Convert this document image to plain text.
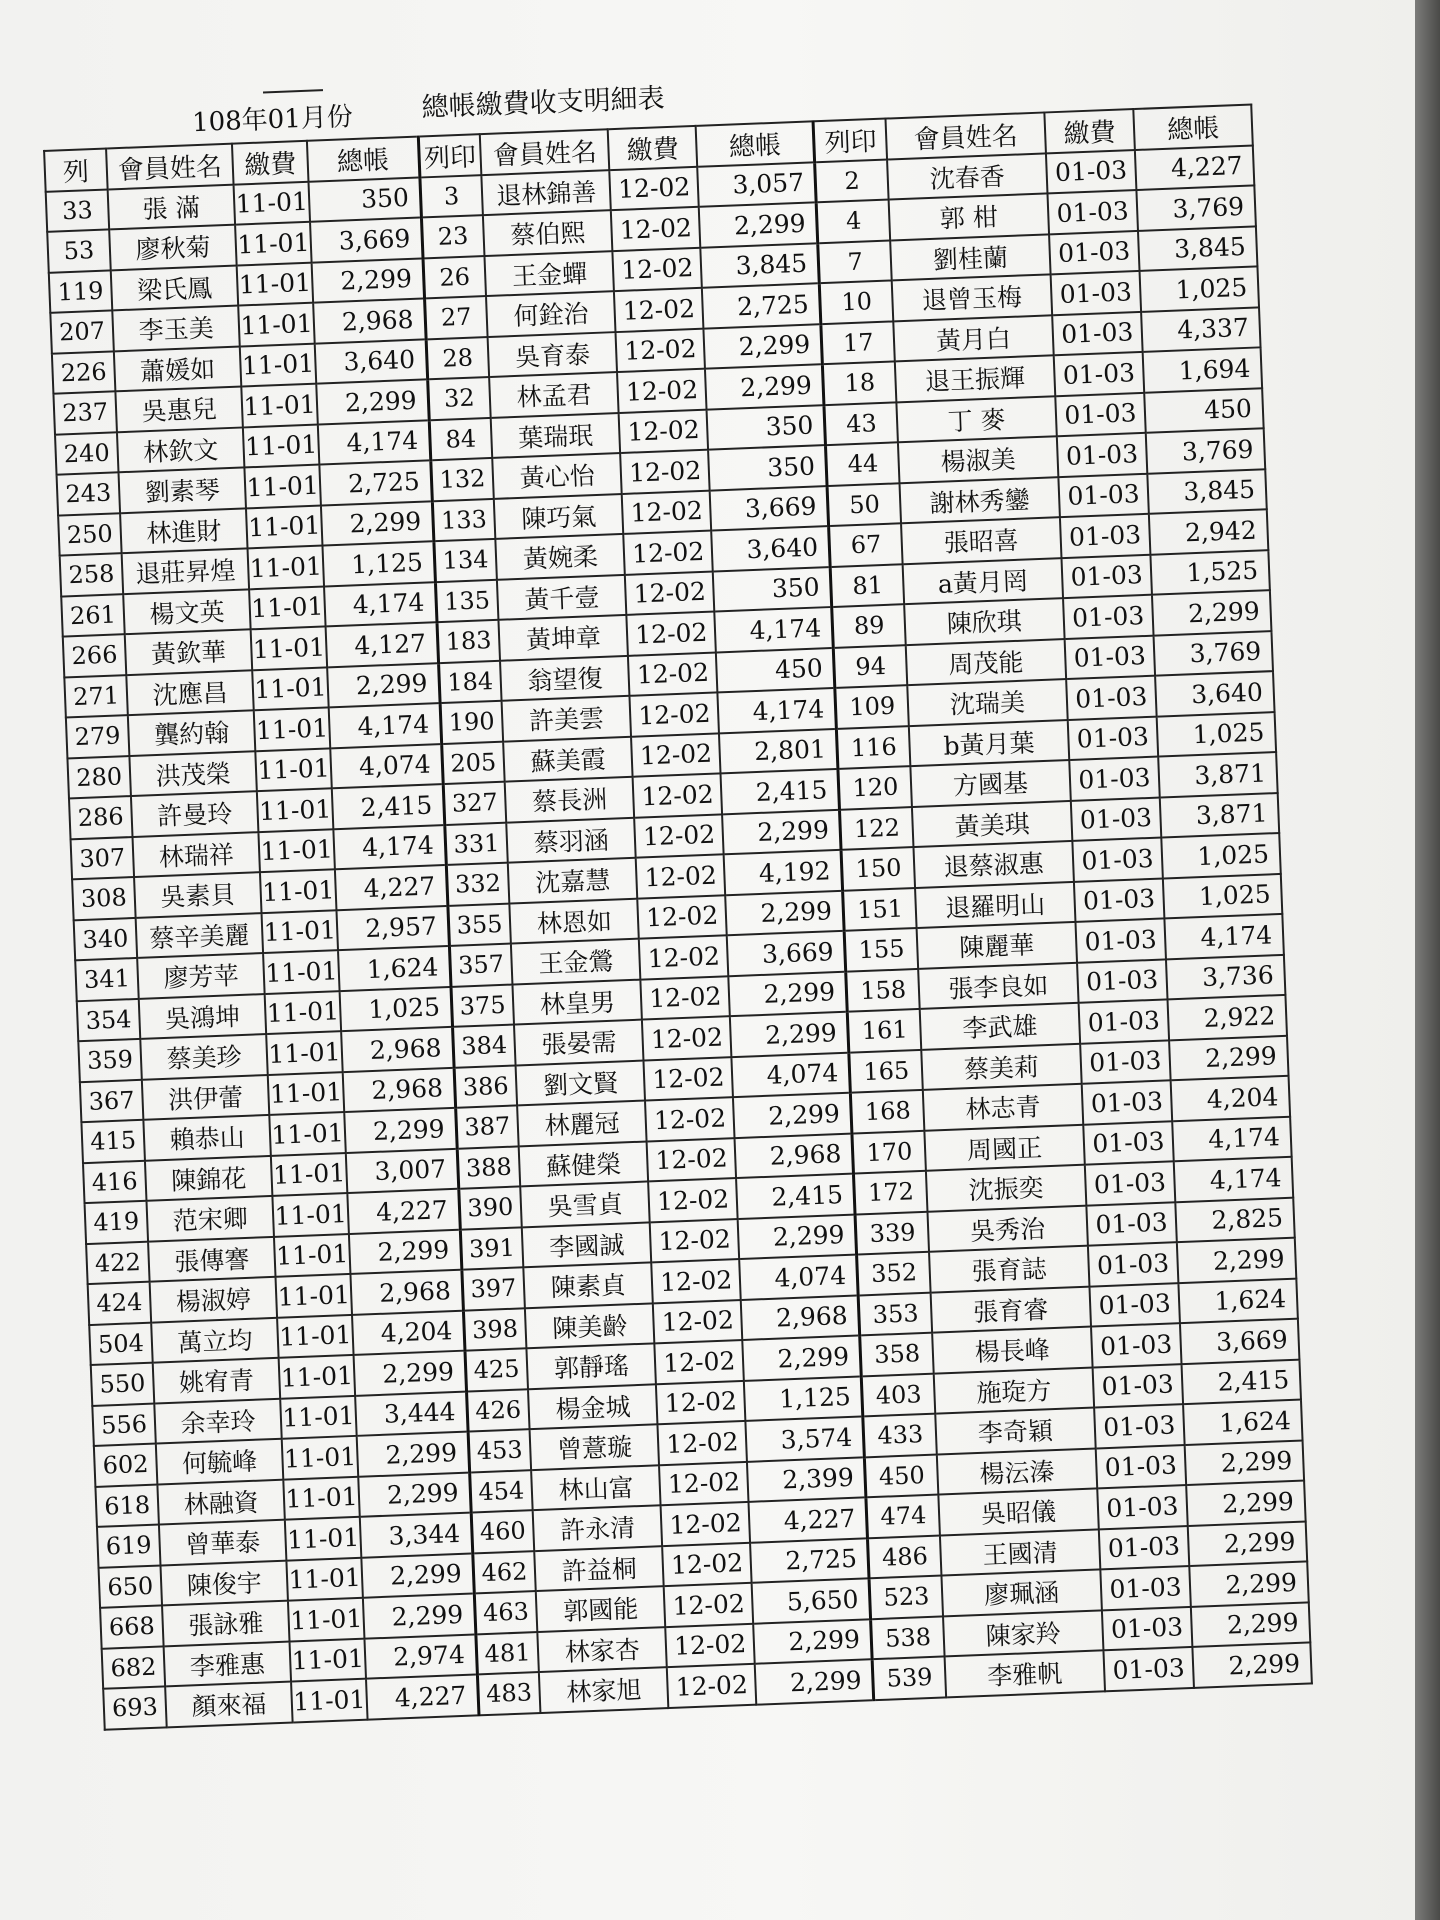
108年01月份	總帳繳費收支明細表
列	會員姓名	繳費	總帳	列印	會員姓名	繳費	總帳	列印	會員姓名	繳費	總帳
33	張 滿	11-01	350	3	退林錦善	12-02	3,057	2	沈春香	01-03	4,227
53	廖秋菊	11-01	3,669	23	蔡伯熙	12-02	2,299	4	郭 柑	01-03	3,769
119	梁氏鳳	11-01	2,299	26	王金蟬	12-02	3,845	7	劉桂蘭	01-03	3,845
207	李玉美	11-01	2,968	27	何銓治	12-02	2,725	10	退曾玉梅	01-03	1,025
226	蕭媛如	11-01	3,640	28	吳育泰	12-02	2,299	17	黃月白	01-03	4,337
237	吳惠兒	11-01	2,299	32	林孟君	12-02	2,299	18	退王振輝	01-03	1,694
240	林欽文	11-01	4,174	84	葉瑞珉	12-02	350	43	丁 麥	01-03	450
243	劉素琴	11-01	2,725	132	黃心怡	12-02	350	44	楊淑美	01-03	3,769
250	林進財	11-01	2,299	133	陳巧氣	12-02	3,669	50	謝林秀鑾	01-03	3,845
258	退莊昇煌	11-01	1,125	134	黃婉柔	12-02	3,640	67	張昭喜	01-03	2,942
261	楊文英	11-01	4,174	135	黃千壹	12-02	350	81	a黃月罔	01-03	1,525
266	黃欽華	11-01	4,127	183	黃坤章	12-02	4,174	89	陳欣琪	01-03	2,299
271	沈應昌	11-01	2,299	184	翁望復	12-02	450	94	周茂能	01-03	3,769
279	龔約翰	11-01	4,174	190	許美雲	12-02	4,174	109	沈瑞美	01-03	3,640
280	洪茂榮	11-01	4,074	205	蘇美霞	12-02	2,801	116	b黃月葉	01-03	1,025
286	許曼玲	11-01	2,415	327	蔡長洲	12-02	2,415	120	方國基	01-03	3,871
307	林瑞祥	11-01	4,174	331	蔡羽涵	12-02	2,299	122	黃美琪	01-03	3,871
308	吳素貝	11-01	4,227	332	沈嘉慧	12-02	4,192	150	退蔡淑惠	01-03	1,025
340	蔡辛美麗	11-01	2,957	355	林恩如	12-02	2,299	151	退羅明山	01-03	1,025
341	廖芳苹	11-01	1,624	357	王金鶯	12-02	3,669	155	陳麗華	01-03	4,174
354	吳鴻坤	11-01	1,025	375	林皇男	12-02	2,299	158	張李良如	01-03	3,736
359	蔡美珍	11-01	2,968	384	張晏需	12-02	2,299	161	李武雄	01-03	2,922
367	洪伊蕾	11-01	2,968	386	劉文賢	12-02	4,074	165	蔡美莉	01-03	2,299
415	賴恭山	11-01	2,299	387	林麗冠	12-02	2,299	168	林志青	01-03	4,204
416	陳錦花	11-01	3,007	388	蘇健榮	12-02	2,968	170	周國正	01-03	4,174
419	范宋卿	11-01	4,227	390	吳雪貞	12-02	2,415	172	沈振奕	01-03	4,174
422	張傳謇	11-01	2,299	391	李國誠	12-02	2,299	339	吳秀治	01-03	2,825
424	楊淑婷	11-01	2,968	397	陳素貞	12-02	4,074	352	張育誌	01-03	2,299
504	萬立均	11-01	4,204	398	陳美齡	12-02	2,968	353	張育睿	01-03	1,624
550	姚宥青	11-01	2,299	425	郭靜瑤	12-02	2,299	358	楊長峰	01-03	3,669
556	余幸玲	11-01	3,444	426	楊金城	12-02	1,125	403	施琁方	01-03	2,415
602	何毓峰	11-01	2,299	453	曾薏璇	12-02	3,574	433	李奇穎	01-03	1,624
618	林融資	11-01	2,299	454	林山富	12-02	2,399	450	楊沄溱	01-03	2,299
619	曾華泰	11-01	3,344	460	許永清	12-02	4,227	474	吳昭儀	01-03	2,299
650	陳俊宇	11-01	2,299	462	許益桐	12-02	2,725	486	王國清	01-03	2,299
668	張詠雅	11-01	2,299	463	郭國能	12-02	5,650	523	廖珮涵	01-03	2,299
682	李雅惠	11-01	2,974	481	林家杏	12-02	2,299	538	陳家羚	01-03	2,299
693	顏來福	11-01	4,227	483	林家旭	12-02	2,299	539	李雅帆	01-03	2,299
